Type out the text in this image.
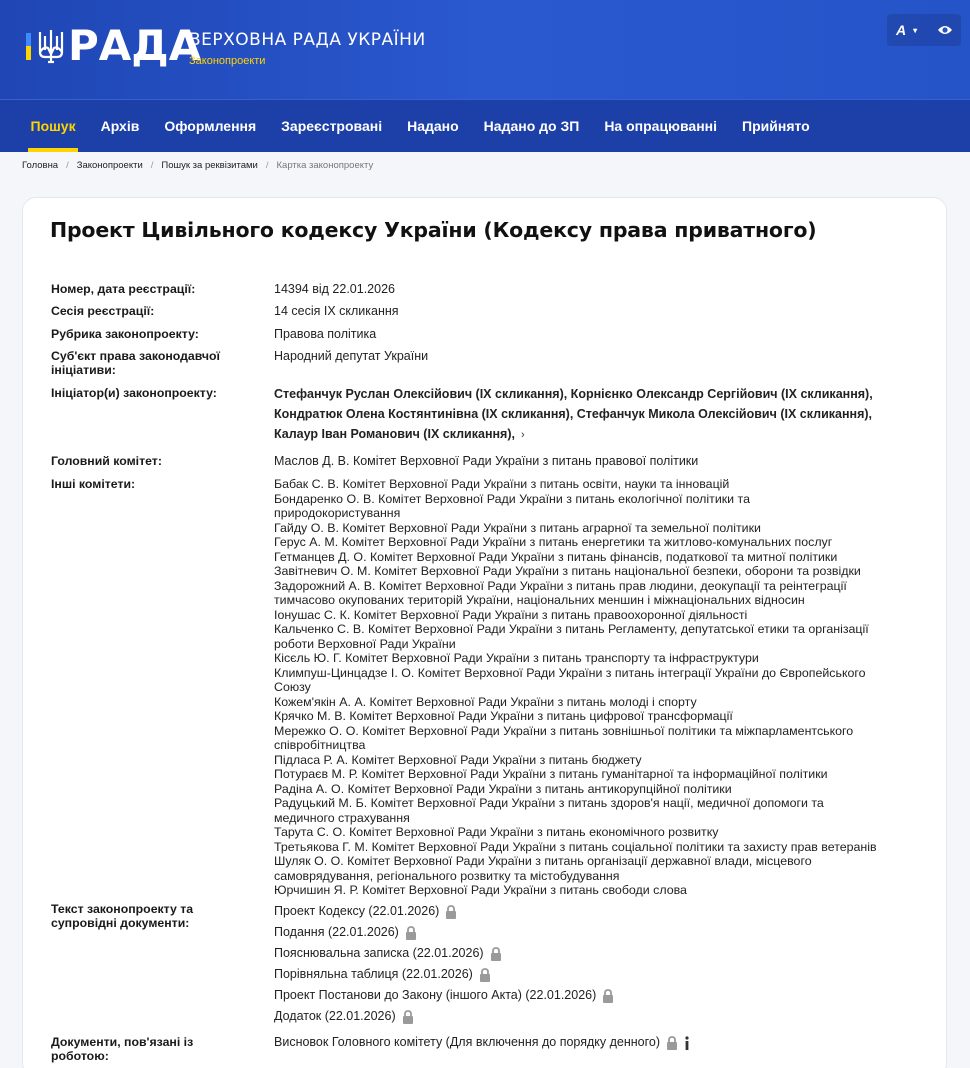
РАДА
ВЕРХОВНА РАДА УКРАЇНИ
Законопроекти
A ▾
Пошук	Архів	Оформлення	Зареєстровані	Надано	Надано до ЗП	На опрацюванні	Прийнято
Головна / Законопроекти / Пошук за реквізитами / Картка законопроекту
Проект Цивільного кодексу України (Кодексу права приватного)
Номер, дата реєстрації:	14394 від 22.01.2026
Сесія реєстрації:	14 сесія IX скликання
Рубрика законопроекту:	Правова політика
Суб'єкт права законодавчої ініціативи:
Народний депутат України
Ініціатор(и) законопроекту:	Стефанчук Руслан Олексійович (IX скликання), Корнієнко Олександр Сергійович (IX скликання),
Кондратюк Олена Костянтинівна (IX скликання), Стефанчук Микола Олексійович (IX скликання),
Калаур Іван Романович (IX скликання), ›
Головний комітет:	Маслов Д. В. Комітет Верховної Ради України з питань правової політики
Інші комітети:	Бабак С. В. Комітет Верховної Ради України з питань освіти, науки та інновацій
Бондаренко О. В. Комітет Верховної Ради України з питань екологічної політики та
природокористування
Гайду О. В. Комітет Верховної Ради України з питань аграрної та земельної політики
Герус А. М. Комітет Верховної Ради України з питань енергетики та житлово-комунальних послуг
Гетманцев Д. О. Комітет Верховної Ради України з питань фінансів, податкової та митної політики
Завітневич О. М. Комітет Верховної Ради України з питань національної безпеки, оборони та розвідки
Задорожний А. В. Комітет Верховної Ради України з питань прав людини, деокупації та реінтеграції
тимчасово окупованих територій України, національних меншин і міжнаціональних відносин
Іонушас С. К. Комітет Верховної Ради України з питань правоохоронної діяльності
Кальченко С. В. Комітет Верховної Ради України з питань Регламенту, депутатської етики та організації
роботи Верховної Ради України
Кісєль Ю. Г. Комітет Верховної Ради України з питань транспорту та інфраструктури
Климпуш-Цинцадзе І. О. Комітет Верховної Ради України з питань інтеграції України до Європейського
Союзу
Кожем'якін А. А. Комітет Верховної Ради України з питань молоді і спорту
Крячко М. В. Комітет Верховної Ради України з питань цифрової трансформації
Мережко О. О. Комітет Верховної Ради України з питань зовнішньої політики та міжпарламентського
співробітництва
Підласа Р. А. Комітет Верховної Ради України з питань бюджету
Потураєв М. Р. Комітет Верховної Ради України з питань гуманітарної та інформаційної політики
Радіна А. О. Комітет Верховної Ради України з питань антикорупційної політики
Радуцький М. Б. Комітет Верховної Ради України з питань здоров'я нації, медичної допомоги та
медичного страхування
Тарута С. О. Комітет Верховної Ради України з питань економічного розвитку
Третьякова Г. М. Комітет Верховної Ради України з питань соціальної політики та захисту прав ветеранів
Шуляк О. О. Комітет Верховної Ради України з питань організації державної влади, місцевого
самоврядування, регіонального розвитку та містобудування
Юрчишин Я. Р. Комітет Верховної Ради України з питань свободи слова
Текст законопроекту та супровідні документи:
Проект Кодексу (22.01.2026)
Подання (22.01.2026)
Пояснювальна записка (22.01.2026)
Порівняльна таблиця (22.01.2026)
Проект Постанови до Закону (іншого Акта) (22.01.2026)
Додаток (22.01.2026)
Документи, пов'язані із роботою:
Висновок Головного комітету (Для включення до порядку денного)
